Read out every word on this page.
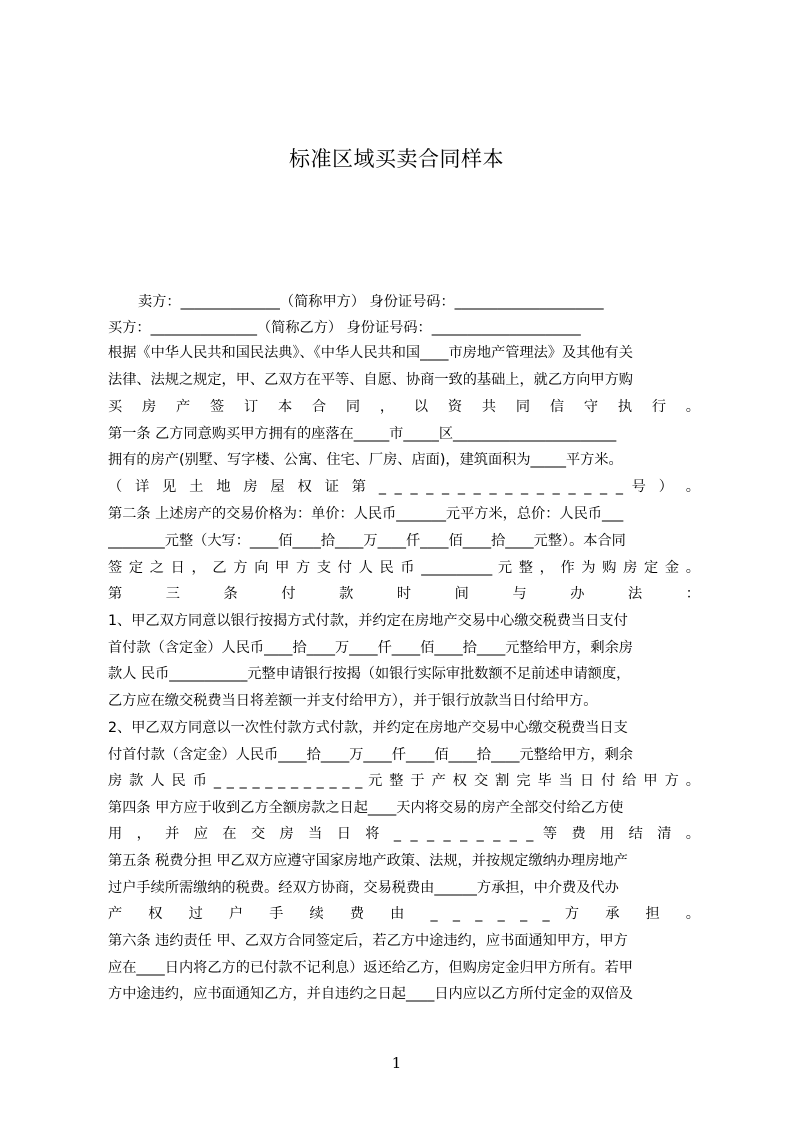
标准区域买卖合同样本
卖方：______________（简称甲方） 身份证号码：_____________________
买方：_______________（简称乙方） 身份证号码：_____________________
根据《中华人民共和国民法典》、《中华人民共和国____市房地产管理法》及其他有关
法律、法规之规定，甲、乙双方在平等、自愿、协商一致的基础上，就乙方向甲方购
买 房 产 签 订 本 合 同 ， 以 资 共 同 信 守 执 行 。
第一条 乙方同意购买甲方拥有的座落在_____市_____区_______________________
拥有的房产(别墅、写字楼、公寓、住宅、厂房、店面)，建筑面积为_____平方米。
（ 详 见 土 地 房 屋 权 证 第 _ _ _ _ _ _ _ _ _ _ _ _ _ _ _ _ 号 ） 。
第二条 上述房产的交易价格为：单价：人民币_______元平方米，总价：人民币___
________元整（大写：____佰____拾____万____仟____佰____拾____元整）。本合同
签 定 之 日 ， 乙 方 向 甲 方 支 付 人 民 币 __________ 元 整 ， 作 为 购 房 定 金 。
第 三 条 付 款 时 间 与 办 法 ：
1、甲乙双方同意以银行按揭方式付款，并约定在房地产交易中心缴交税费当日支付
首付款（含定金）人民币____拾____万____仟____佰____拾____元整给甲方，剩余房
款人 民币___________元整申请银行按揭（如银行实际审批数额不足前述申请额度，
乙方应在缴交税费当日将差额一并支付给甲方），并于银行放款当日付给甲方。
2、甲乙双方同意以一次性付款方式付款，并约定在房地产交易中心缴交税费当日支
付首付款（含定金）人民币____拾____万____仟____佰____拾____元整给甲方，剩余
房 款 人 民 币 _ _ _ _ _ _ _ _ _ _ _ _ 元 整 于 产 权 交 割 完 毕 当 日 付 给 甲 方 。
第四条 甲方应于收到乙方全额房款之日起____天内将交易的房产全部交付给乙方使
用 ， 并 应 在 交 房 当 日 将 _ _ _ _ _ _ _ _ _ 等 费 用 结 清 。
第五条 税费分担 甲乙双方应遵守国家房地产政策、法规，并按规定缴纳办理房地产
过户手续所需缴纳的税费。经双方协商，交易税费由______方承担，中介费及代办
产 权 过 户 手 续 费 由 _ _ _ _ _ _ 方 承 担 。
第六条 违约责任 甲、乙双方合同签定后，若乙方中途违约，应书面通知甲方，甲方
应在____日内将乙方的已付款不记利息）返还给乙方，但购房定金归甲方所有。若甲
方中途违约，应书面通知乙方，并自违约之日起____日内应以乙方所付定金的双倍及
1
